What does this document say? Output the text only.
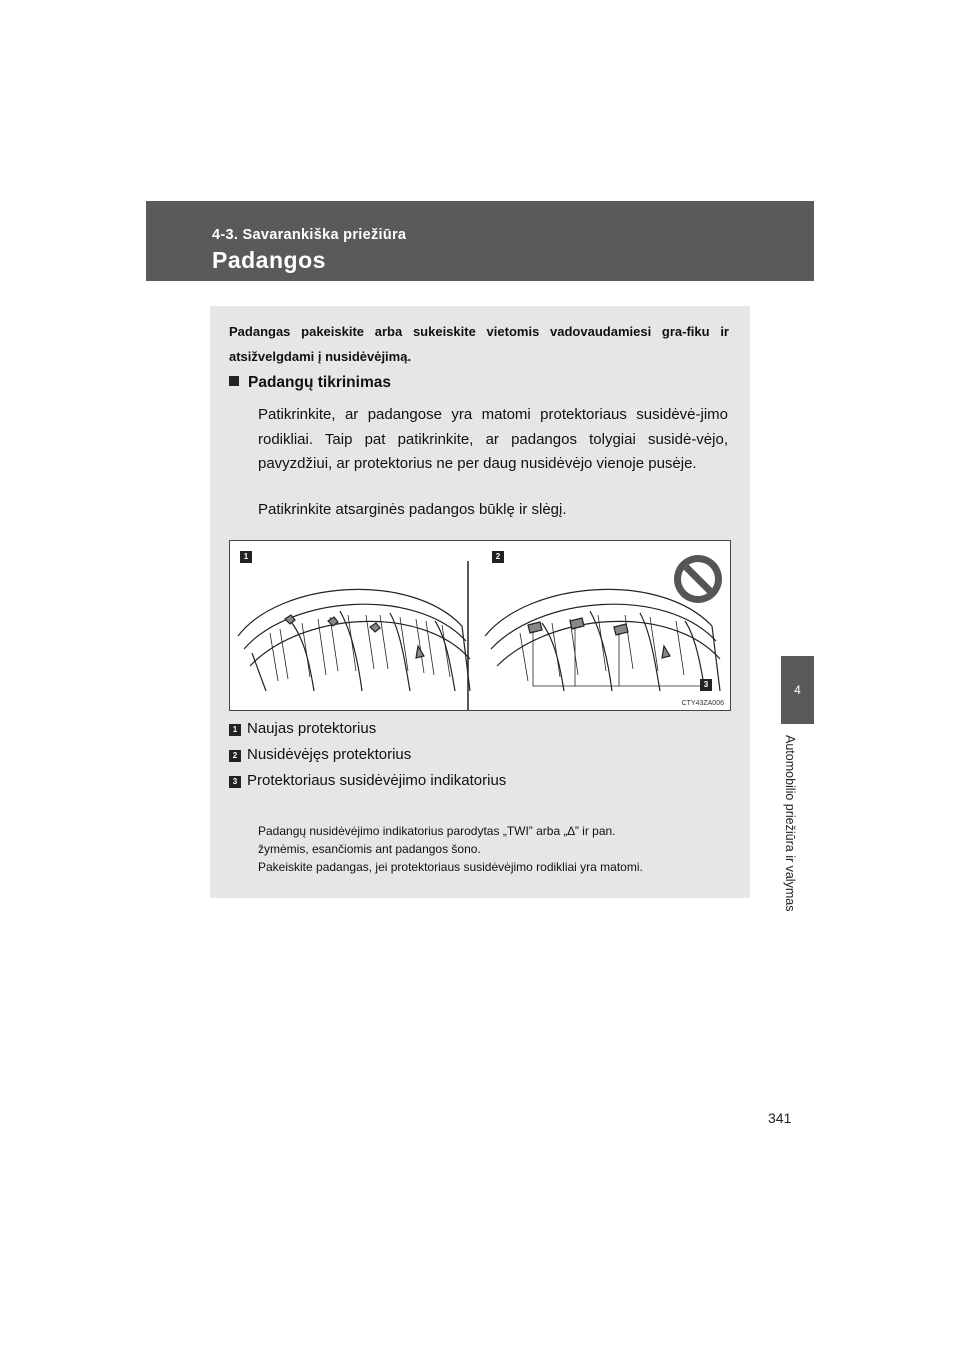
4-3. Savarankiška priežiūra
Padangos
4
Automobilio priežiūra ir valymas
Padangas pakeiskite arba sukeiskite vietomis vadovaudamiesi gra-fiku ir atsižvelgdami į nusidėvėjimą.
Padangų tikrinimas
Patikrinkite, ar padangose yra matomi protektoriaus susidėvė-jimo rodikliai. Taip pat patikrinkite, ar padangos tolygiai susidė-vėjo, pavyzdžiui, ar protektorius ne per daug nusidėvėjo vienoje pusėje.
Patikrinkite atsarginės padangos būklę ir slėgį.
1	2
3
CTY43ZA006
1 Naujas protektorius
2 Nusidėvėjęs protektorius
3 Protektoriaus susidėvėjimo indikatorius
Padangų nusidėvėjimo indikatorius parodytas „TWI” arba „∆” ir pan.
žymėmis, esančiomis ant padangos šono.
Pakeiskite padangas, jei protektoriaus susidėvėjimo rodikliai yra matomi.
341
